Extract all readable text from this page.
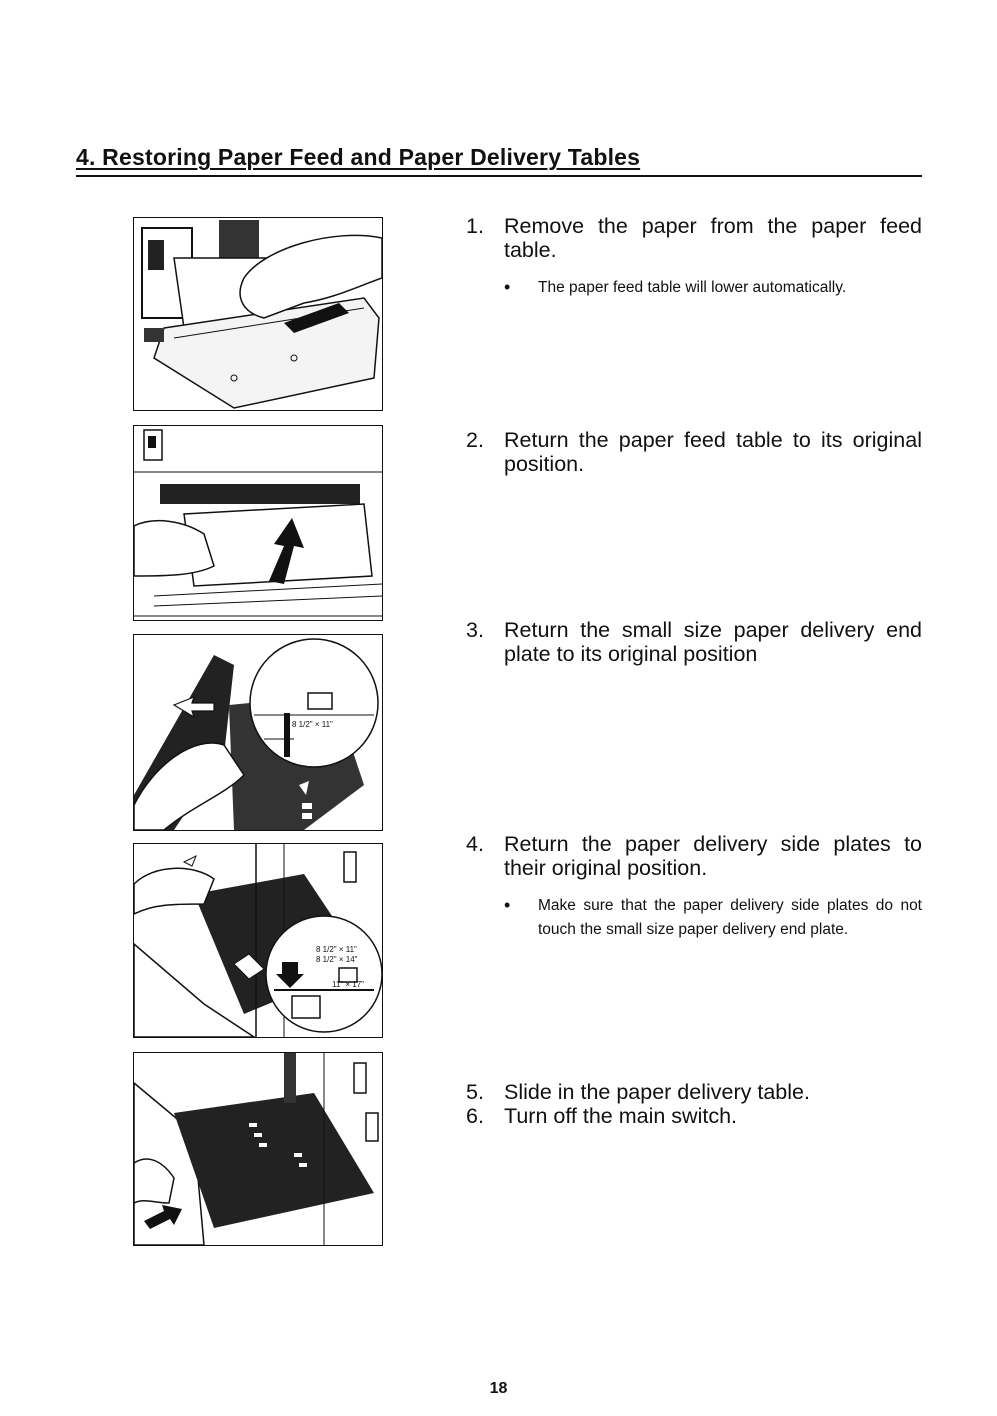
4. Restoring Paper Feed and Paper Delivery Tables
8 1/2" × 11"
8 1/2" × 11"
8 1/2" × 14"
11" × 17"
1. Remove the paper from the paper feed table.
•	The paper feed table will lower automatically.
2. Return the paper feed table to its original position.
3. Return the small size paper delivery end plate to its original position
4. Return the paper delivery side plates to their original position.
•	Make sure that the paper delivery side plates do not touch the small size paper delivery end plate.
5. Slide in the paper delivery table.
6. Turn off the main switch.
18
